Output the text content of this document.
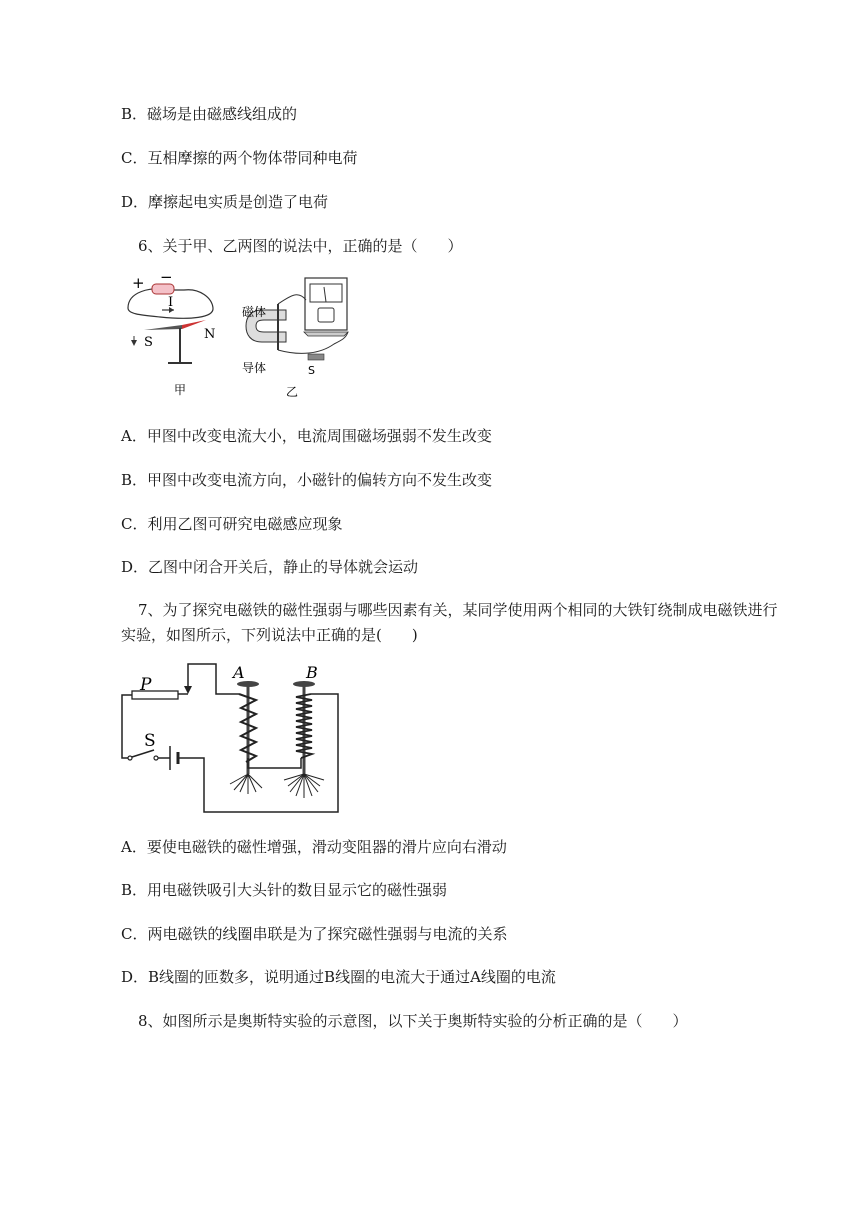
B．磁场是由磁感线组成的
C．互相摩擦的两个物体带同种电荷
D．摩擦起电实质是创造了电荷
6、关于甲、乙两图的说法中，正确的是（　　）
+ −
I
S
N
甲
磁体
导体	S
乙
A．甲图中改变电流大小，电流周围磁场强弱不发生改变
B．甲图中改变电流方向，小磁针的偏转方向不发生改变
C．利用乙图可研究电磁感应现象
D．乙图中闭合开关后，静止的导体就会运动
7、为了探究电磁铁的磁性强弱与哪些因素有关，某同学使用两个相同的大铁钉绕制成电磁铁进行
实验，如图所示，下列说法中正确的是(　　)
P
S
A	B
A．要使电磁铁的磁性增强，滑动变阻器的滑片应向右滑动
B．用电磁铁吸引大头针的数目显示它的磁性强弱
C．两电磁铁的线圈串联是为了探究磁性强弱与电流的关系
D．B线圈的匝数多，说明通过B线圈的电流大于通过A线圈的电流
8、如图所示是奥斯特实验的示意图，以下关于奥斯特实验的分析正确的是（　　）
